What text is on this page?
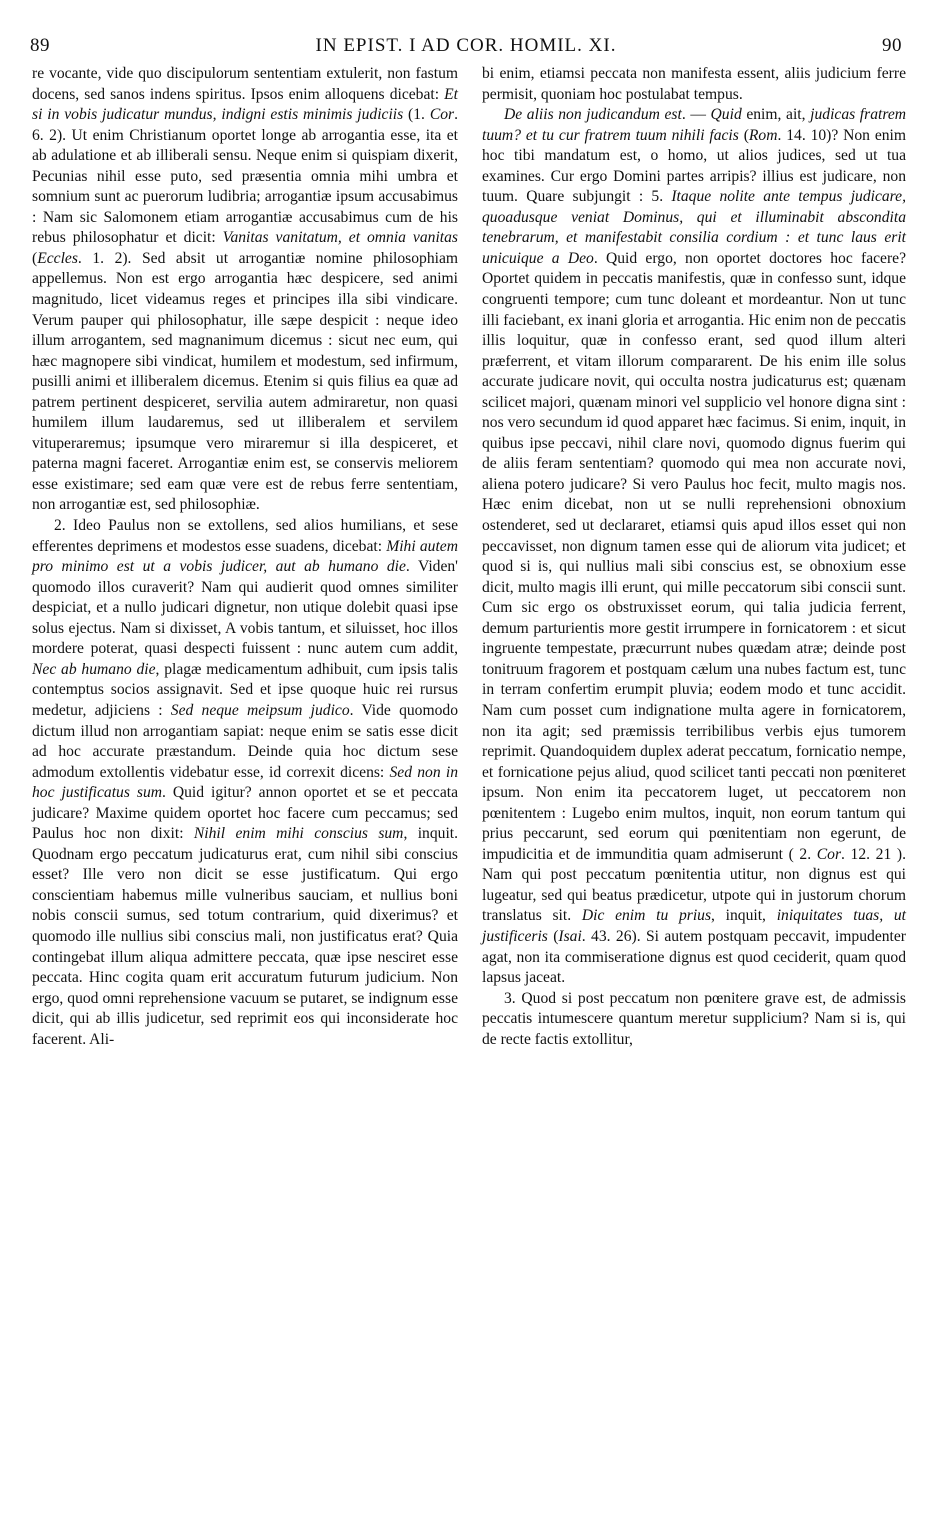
89	IN EPIST. I AD COR. HOMIL. XI.	90

re vocante, vide quo discipulorum sententiam extulerit, non fastum docens, sed sanos indens spiritus. Ipsos enim alloquens dicebat: Et si in vobis judicatur mundus, indigni estis minimis judiciis (1. Cor. 6. 2). Ut enim Christianum oportet longe ab arrogantia esse, ita et ab adulatione et ab illiberali sensu. Neque enim si quispiam dixerit, Pecunias nihil esse puto, sed præsentia omnia mihi umbra et somnium sunt ac puerorum ludibria; arrogantiæ ipsum accusabimus : Nam sic Salomonem etiam arrogantiæ accusabimus cum de his rebus philosophatur et dicit: Vanitas vanitatum, et omnia vanitas (Eccles. 1. 2). Sed absit ut arrogantiæ nomine philosophiam appellemus. Non est ergo arrogantia hæc despicere, sed animi magnitudo, licet videamus reges et principes illa sibi vindicare. Verum pauper qui philosophatur, ille sæpe despicit : neque ideo illum arrogantem, sed magnanimum dicemus : sicut nec eum, qui hæc magnopere sibi vindicat, humilem et modestum, sed infirmum, pusilli animi et illiberalem dicemus. Etenim si quis filius ea quæ ad patrem pertinent despiceret, servilia autem admiraretur, non quasi humilem illum laudaremus, sed ut illiberalem et servilem vituperaremus; ipsumque vero miraremur si illa despiceret, et paterna magni faceret. Arrogantiæ enim est, se conservis meliorem esse existimare; sed eam quæ vere est de rebus ferre sententiam, non arrogantiæ est, sed philosophiæ.

2. Ideo Paulus non se extollens, sed alios humilians, et sese efferentes deprimens et modestos esse suadens, dicebat: Mihi autem pro minimo est ut a vobis judicer, aut ab humano die. Viden' quomodo illos curaverit? Nam qui audierit quod omnes similiter despiciat, et a nullo judicari dignetur, non utique dolebit quasi ipse solus ejectus. Nam si dixisset, A vobis tantum, et siluisset, hoc illos mordere poterat, quasi despecti fuissent : nunc autem cum addit, Nec ab humano die, plagæ medicamentum adhibuit, cum ipsis talis contemptus socios assignavit. Sed et ipse quoque huic rei rursus medetur, adjiciens : Sed neque meipsum judico. Vide quomodo dictum illud non arrogantiam sapiat: neque enim se satis esse dicit ad hoc accurate præstandum. Deinde quia hoc dictum sese admodum extollentis videbatur esse, id correxit dicens: Sed non in hoc justificatus sum. Quid igitur? annon oportet et se et peccata judicare? Maxime quidem oportet hoc facere cum peccamus; sed Paulus hoc non dixit: Nihil enim mihi conscius sum, inquit. Quodnam ergo peccatum judicaturus erat, cum nihil sibi conscius esset? Ille vero non dicit se esse justificatum. Qui ergo conscientiam habemus mille vulneribus sauciam, et nullius boni nobis conscii sumus, sed totum contrarium, quid dixerimus? et quomodo ille nullius sibi conscius mali, non justificatus erat? Quia contingebat illum aliqua admittere peccata, quæ ipse nesciret esse peccata. Hinc cogita quam erit accuratum futurum judicium. Non ergo, quod omni reprehensione vacuum se putaret, se indignum esse dicit, qui ab illis judicetur, sed reprimit eos qui inconsiderate hoc facerent. Ali-

bi enim, etiamsi peccata non manifesta essent, aliis judicium ferre permisit, quoniam hoc postulabat tempus.

De aliis non judicandum est. — Quid enim, ait, judicas fratrem tuum? et tu cur fratrem tuum nihili facis (Rom. 14. 10)? Non enim hoc tibi mandatum est, o homo, ut alios judices, sed ut tua examines. Cur ergo Domini partes arripis? illius est judicare, non tuum. Quare subjungit : 5. Itaque nolite ante tempus judicare, quoadusque veniat Dominus, qui et illuminabit abscondita tenebrarum, et manifestabit consilia cordium : et tunc laus erit unicuique a Deo. Quid ergo, non oportet doctores hoc facere? Oportet quidem in peccatis manifestis, quæ in confesso sunt, idque congruenti tempore; cum tunc doleant et mordeantur. Non ut tunc illi faciebant, ex inani gloria et arrogantia. Hic enim non de peccatis illis loquitur, quæ in confesso erant, sed quod illum alteri præferrent, et vitam illorum compararent. De his enim ille solus accurate judicare novit, qui occulta nostra judicaturus est; quænam scilicet majori, quænam minori vel supplicio vel honore digna sint : nos vero secundum id quod apparet hæc facimus. Si enim, inquit, in quibus ipse peccavi, nihil clare novi, quomodo dignus fuerim qui de aliis feram sententiam? quomodo qui mea non accurate novi, aliena potero judicare? Si vero Paulus hoc fecit, multo magis nos. Hæc enim dicebat, non ut se nulli reprehensioni obnoxium ostenderet, sed ut declararet, etiamsi quis apud illos esset qui non peccavisset, non dignum tamen esse qui de aliorum vita judicet; et quod si is, qui nullius mali sibi conscius est, se obnoxium esse dicit, multo magis illi erunt, qui mille peccatorum sibi conscii sunt. Cum sic ergo os obstruxisset eorum, qui talia judicia ferrent, demum parturientis more gestit irrumpere in fornicatorem : et sicut ingruente tempestate, præcurrunt nubes quædam atræ; deinde post tonitruum fragorem et postquam cælum una nubes factum est, tunc in terram confertim erumpit pluvia; eodem modo et tunc accidit. Nam cum posset cum indignatione multa agere in fornicatorem, non ita agit; sed præmissis terribilibus verbis ejus tumorem reprimit. Quandoquidem duplex aderat peccatum, fornicatio nempe, et fornicatione pejus aliud, quod scilicet tanti peccati non pœniteret ipsum. Non enim ita peccatorem luget, ut peccatorem non pœnitentem : Lugebo enim multos, inquit, non eorum tantum qui prius peccarunt, sed eorum qui pœnitentiam non egerunt, de impudicitia et de immunditia quam admiserunt ( 2. Cor. 12. 21 ). Nam qui post peccatum pœnitentia utitur, non dignus est qui lugeatur, sed qui beatus prædicetur, utpote qui in justorum chorum translatus sit. Dic enim tu prius, inquit, iniquitates tuas, ut justificeris (Isai. 43. 26). Si autem postquam peccavit, impudenter agat, non ita commiseratione dignus est quod ceciderit, quam quod lapsus jaceat.

3. Quod si post peccatum non pœnitere grave est, de admissis peccatis intumescere quantum meretur supplicium? Nam si is, qui de recte factis extollitur,
